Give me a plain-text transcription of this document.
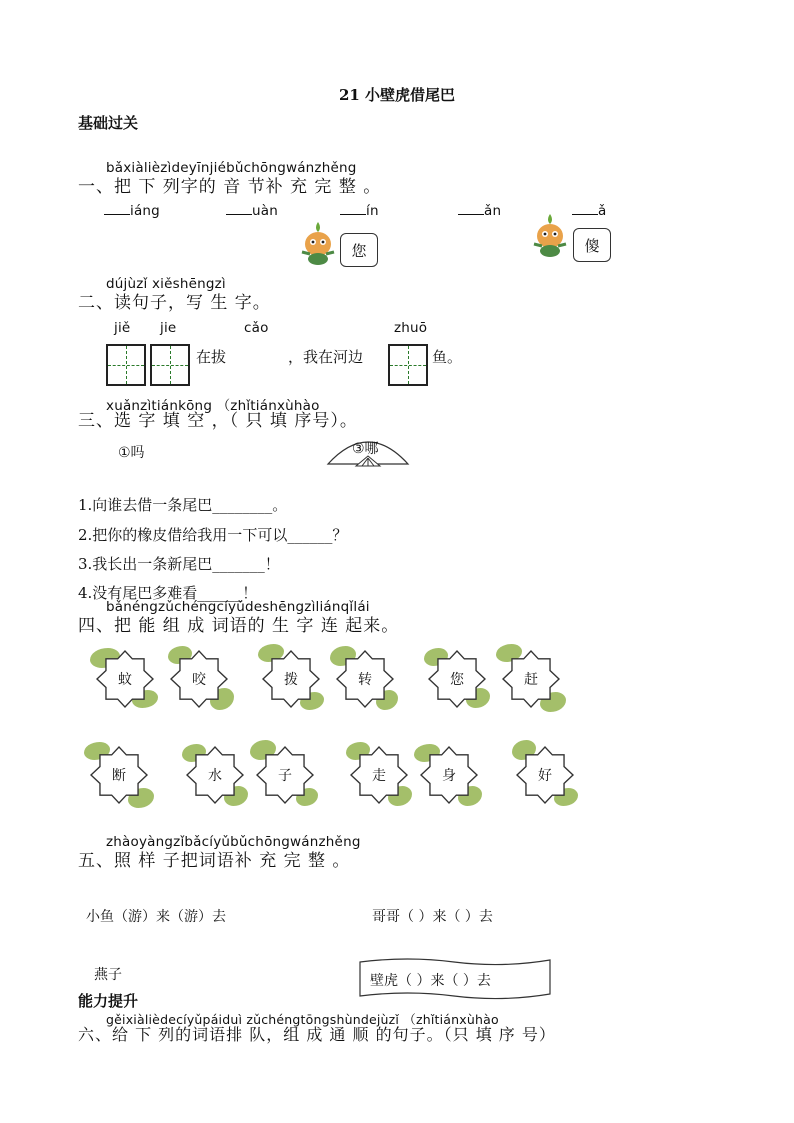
21 小壁虎借尾巴
基础过关
bǎxiàlièzìdeyīnjiébǔchōngwánzhěng
一、把 下 列字的 音 节补 充 完 整 。
iáng	uàn	ín	ǎn	ǎ
您	傻
dújùzǐ xiěshēngzì
二、读句子，写 生 字。
jiě jie	cǎo	zhuō
在拔	，我在河边	鱼。
xuǎnzìtiánkōng （zhǐtiánxùhào
三、选 字 填 空 ，（ 只 填 序号）。
①吗	③哪
1.向谁去借一条尾巴________。
2.把你的橡皮借给我用一下可以______？
3.我长出一条新尾巴_______！
4.没有尾巴多难看______！
bǎnéngzǔchéngcíyǔdeshēngzìliánqǐlái
四、把 能 组 成 词语的 生 字 连 起来。
蚊	咬	拨	转	您	赶
断	水	子	走	身	好
zhàoyàngzǐbǎcíyǔbǔchōngwánzhěng
五、照 样 子把词语补 充 完 整 。
小鱼（游）来（游）去	哥哥（ ）来（ ）去
燕子	壁虎（ ）来（ ）去
能力提升
gěixiàlièdecíyǔpáiduì zǔchéngtōngshùndejùzǐ （zhǐtiánxùhào
六、给 下 列的词语排 队，组 成 通 顺 的句子。（只 填 序 号）
